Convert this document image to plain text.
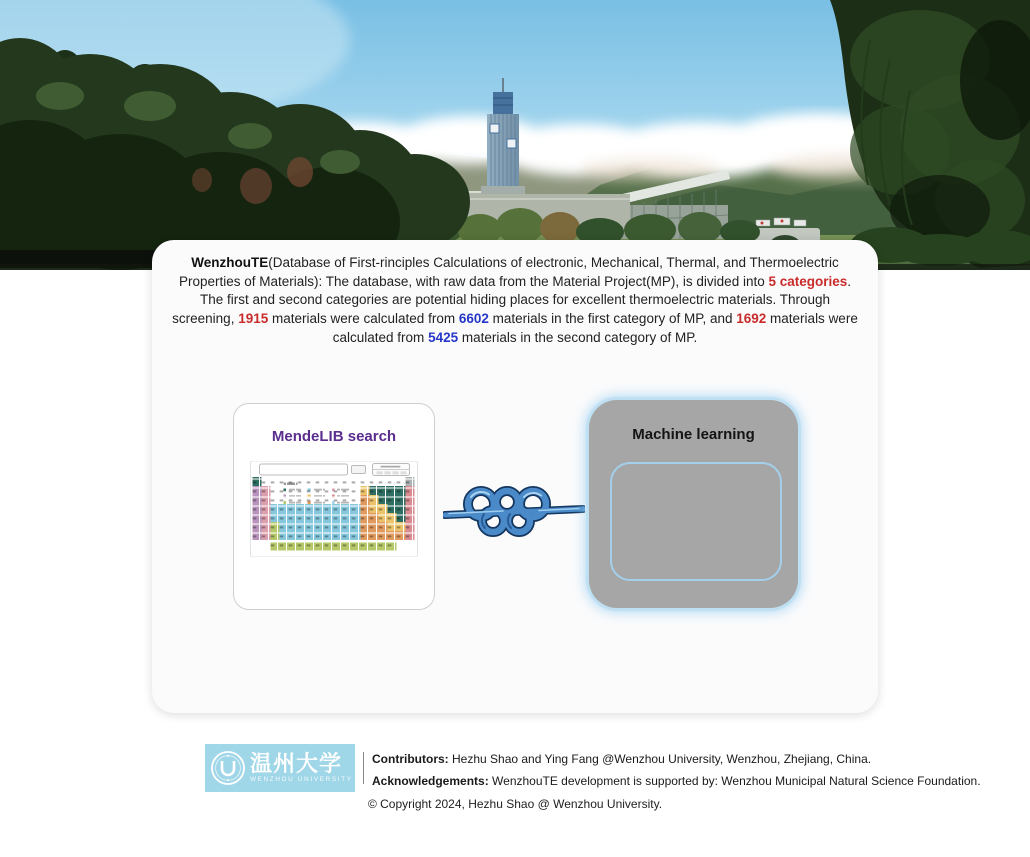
WenzhouTE(Database of First-rinciples Calculations of electronic, Mechanical, Thermal, and Thermoelectric Properties of Materials): The database, with raw data from the Material Project(MP), is divided into 5 categories. The first and second categories are potential hiding places for excellent thermoelectric materials. Through screening, 1915 materials were calculated from 6602 materials in the first category of MP, and 1692 materials were calculated from 5425 materials in the second category of MP.

MendeLIB search	Machine learning
温州大学
WENZHOU UNIVERSITY

Contributors: Hezhu Shao and Ying Fang @Wenzhou University, Wenzhou, Zhejiang, China.

Acknowledgements: WenzhouTE development is supported by: Wenzhou Municipal Natural Science Foundation.

© Copyright 2024, Hezhu Shao @ Wenzhou University.
